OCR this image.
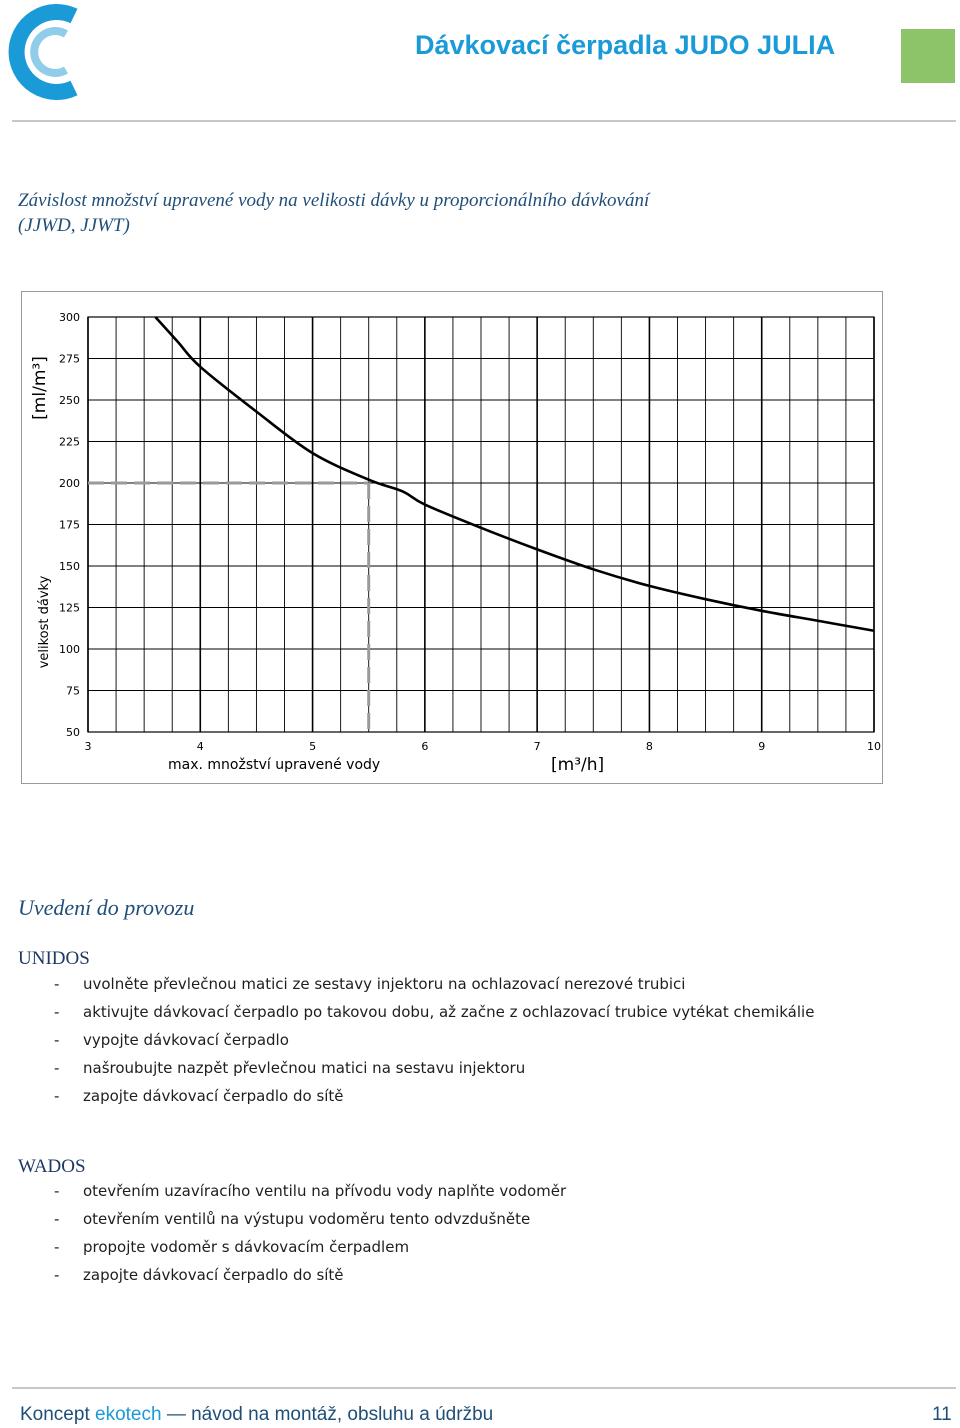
Dávkovací čerpadla JUDO JULIA
Závislost množství upravené vody na velikosti dávky u proporcionálního dávkování
(JJWD, JJWT)
3	4	5	6	7	8	9	10
300
275
250
225
200
175
150
125
100
75
50
[ml/m³]
velikost dávky
max. množství upravené vody	[m³/h]
Uvedení do provozu
UNIDOS
- uvolněte převlečnou matici ze sestavy injektoru na ochlazovací nerezové trubici
- aktivujte dávkovací čerpadlo po takovou dobu, až začne z ochlazovací trubice vytékat chemikálie
- vypojte dávkovací čerpadlo
- našroubujte nazpět převlečnou matici na sestavu injektoru
- zapojte dávkovací čerpadlo do sítě
WADOS
- otevřením uzavíracího ventilu na přívodu vody naplňte vodoměr
- otevřením ventilů na výstupu vodoměru tento odvzdušněte
- propojte vodoměr s dávkovacím čerpadlem
- zapojte dávkovací čerpadlo do sítě
Koncept ekotech — návod na montáž, obsluhu a údržbu	11
